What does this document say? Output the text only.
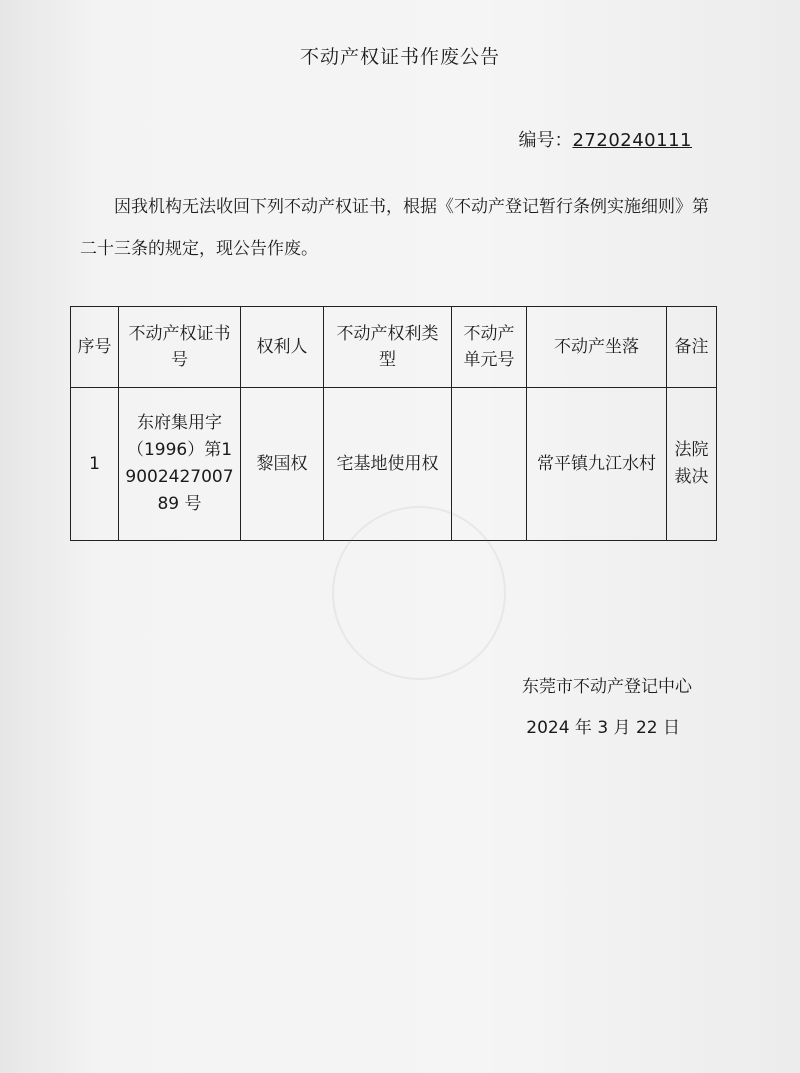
不动产权证书作废公告
编号：2720240111
因我机构无法收回下列不动产权证书，根据《不动产登记暂行条例实施细则》第二十三条的规定，现公告作废。
序号	不动产权证书号	权利人	不动产权利类型	不动产单元号	不动产坐落	备注
1	东府集用字（1996）第1900242700789 号	黎国权	宅基地使用权		常平镇九江水村	法院裁决
东莞市不动产登记中心
2024 年 3 月 22 日
